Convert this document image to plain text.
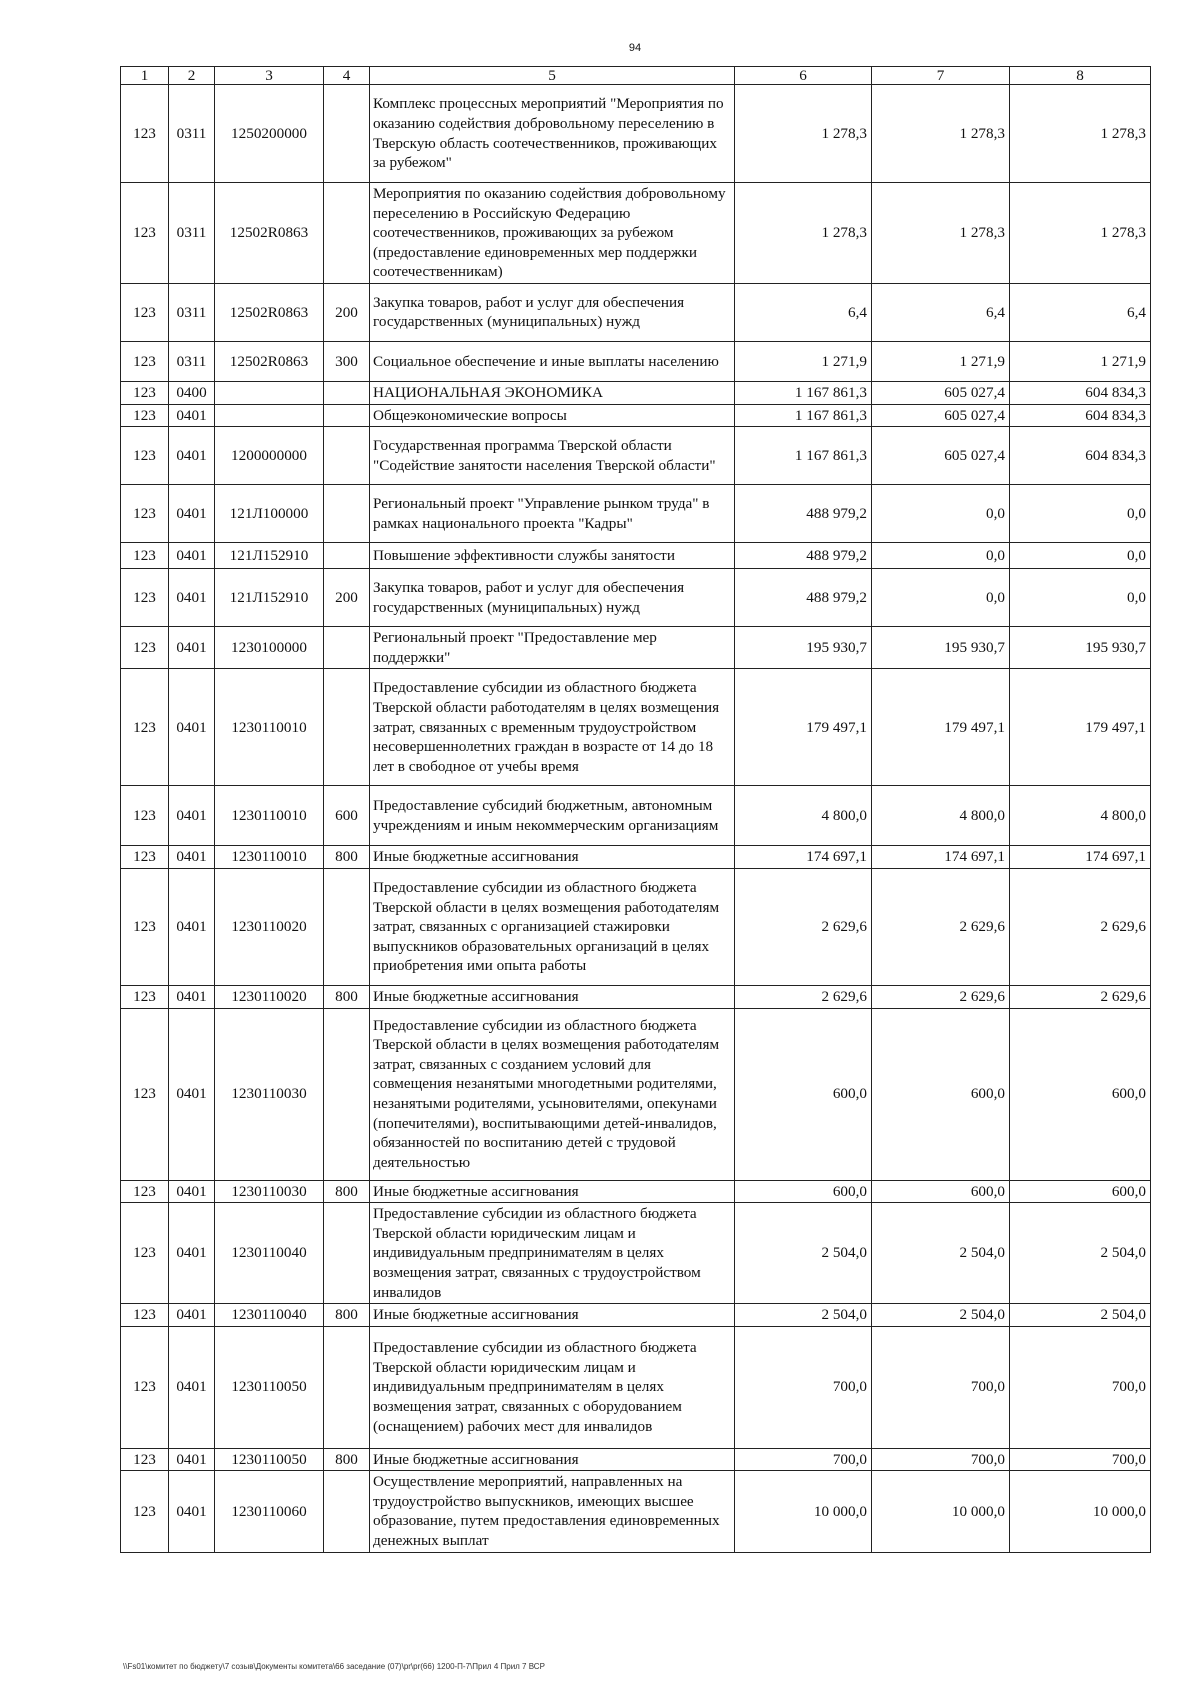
94
1	2	3	4	5	6	7	8
123	0311	1250200000		Комплекс процессных мероприятий "Мероприятия по оказанию содействия добровольному переселению в Тверскую область соотечественников, проживающих за рубежом"	1 278,3	1 278,3	1 278,3
123	0311	12502R0863		Мероприятия по оказанию содействия добровольному переселению в Российскую Федерацию соотечественников, проживающих за рубежом (предоставление единовременных мер поддержки соотечественникам)	1 278,3	1 278,3	1 278,3
123	0311	12502R0863	200	Закупка товаров, работ и услуг для обеспечения государственных (муниципальных) нужд	6,4	6,4	6,4
123	0311	12502R0863	300	Социальное обеспечение и иные выплаты населению	1 271,9	1 271,9	1 271,9
123	0400			НАЦИОНАЛЬНАЯ ЭКОНОМИКА	1 167 861,3	605 027,4	604 834,3
123	0401			Общеэкономические вопросы	1 167 861,3	605 027,4	604 834,3
123	0401	1200000000		Государственная программа Тверской области "Содействие занятости населения Тверской области"	1 167 861,3	605 027,4	604 834,3
123	0401	121Л100000		Региональный проект "Управление рынком труда" в рамках национального проекта "Кадры"	488 979,2	0,0	0,0
123	0401	121Л152910		Повышение эффективности службы занятости	488 979,2	0,0	0,0
123	0401	121Л152910	200	Закупка товаров, работ и услуг для обеспечения государственных (муниципальных) нужд	488 979,2	0,0	0,0
123	0401	1230100000		Региональный проект "Предоставление мер поддержки"	195 930,7	195 930,7	195 930,7
123	0401	1230110010		Предоставление субсидии из областного бюджета Тверской области работодателям в целях возмещения затрат, связанных с временным трудоустройством несовершеннолетних граждан в возрасте от 14 до 18 лет в свободное от учебы время	179 497,1	179 497,1	179 497,1
123	0401	1230110010	600	Предоставление субсидий бюджетным, автономным учреждениям и иным некоммерческим организациям	4 800,0	4 800,0	4 800,0
123	0401	1230110010	800	Иные бюджетные ассигнования	174 697,1	174 697,1	174 697,1
123	0401	1230110020		Предоставление субсидии из областного бюджета Тверской области в целях возмещения работодателям затрат, связанных с организацией стажировки выпускников образовательных организаций в целях приобретения ими опыта работы	2 629,6	2 629,6	2 629,6
123	0401	1230110020	800	Иные бюджетные ассигнования	2 629,6	2 629,6	2 629,6
123	0401	1230110030		Предоставление субсидии из областного бюджета Тверской области в целях возмещения работодателям затрат, связанных с созданием условий для совмещения незанятыми многодетными родителями, незанятыми родителями, усыновителями, опекунами (попечителями), воспитывающими детей-инвалидов, обязанностей по воспитанию детей с трудовой деятельностью	600,0	600,0	600,0
123	0401	1230110030	800	Иные бюджетные ассигнования	600,0	600,0	600,0
123	0401	1230110040		Предоставление субсидии из областного бюджета Тверской области юридическим лицам и индивидуальным предпринимателям в целях возмещения затрат, связанных с трудоустройством инвалидов	2 504,0	2 504,0	2 504,0
123	0401	1230110040	800	Иные бюджетные ассигнования	2 504,0	2 504,0	2 504,0
123	0401	1230110050		Предоставление субсидии из областного бюджета Тверской области юридическим лицам и индивидуальным предпринимателям в целях возмещения затрат, связанных с оборудованием (оснащением) рабочих мест для инвалидов	700,0	700,0	700,0
123	0401	1230110050	800	Иные бюджетные ассигнования	700,0	700,0	700,0
123	0401	1230110060		Осуществление мероприятий, направленных на трудоустройство выпускников, имеющих высшее образование, путем предоставления единовременных денежных выплат	10 000,0	10 000,0	10 000,0
\\Fs01\комитет по бюджету\7 созыв\Документы комитета\66 заседание (07)\pr\pr(66) 1200-П-7\Прил 4 Прил 7 ВСР
